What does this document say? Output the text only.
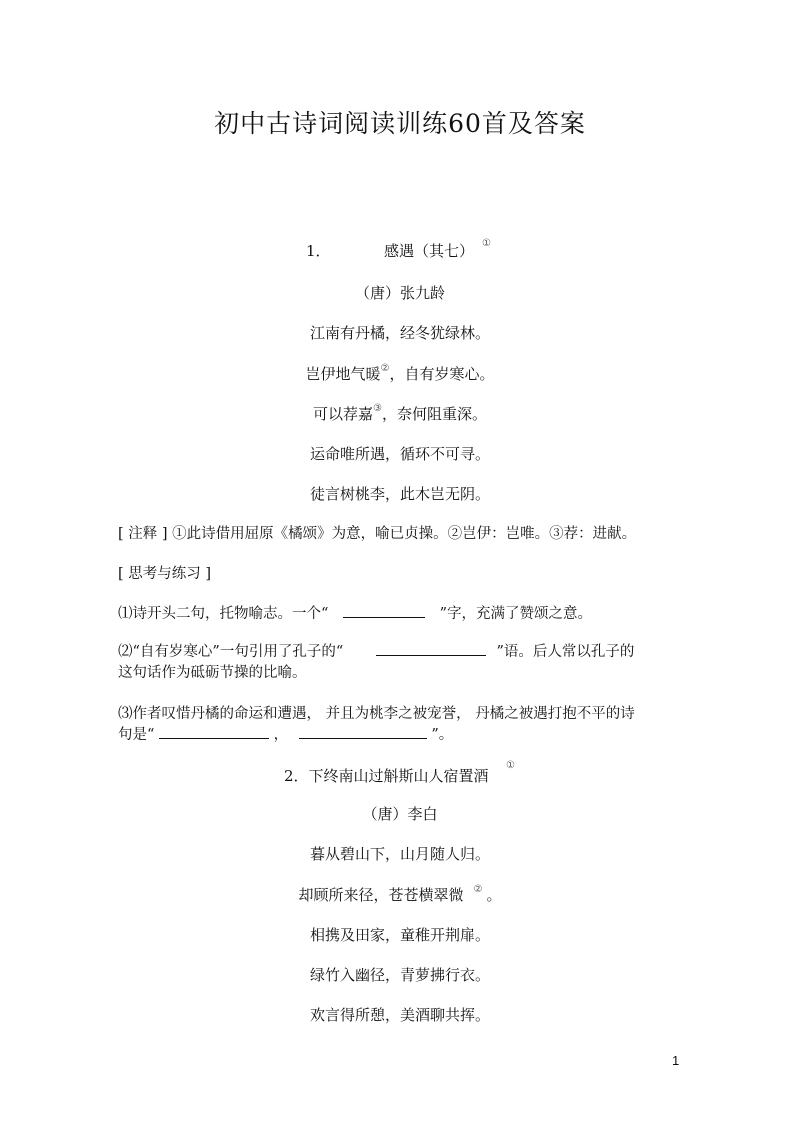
初中古诗词阅读训练60首及答案
1．	感遇（其七） ①
（唐）张九龄
江南有丹橘，经冬犹绿林。
岂伊地气暖②，自有岁寒心。
可以荐嘉③，奈何阻重深。
运命唯所遇，循环不可寻。
徒言树桃李，此木岂无阴。
[ 注释 ] ①此诗借用屈原《橘颂》为意，喻已贞操。②岂伊：岂唯。③荐：进献。
[ 思考与练习 ]
⑴诗开头二句，托物喻志。一个“	”字，充满了赞颂之意。
⑵“自有岁寒心”一句引用了孔子的“	”语。后人常以孔子的
这句话作为砥砺节操的比喻。
⑶作者叹惜丹橘的命运和遭遇， 并且为桃李之被宠誉， 丹橘之被遇打抱不平的诗
句是“	，	”。
2．下终南山过斛斯山人宿置酒
①
（唐）李白
暮从碧山下，山月随人归。
却顾所来径，苍苍横翠微 ② 。
相携及田家，童稚开荆扉。
绿竹入幽径，青萝拂行衣。
欢言得所憩，美酒聊共挥。
1
